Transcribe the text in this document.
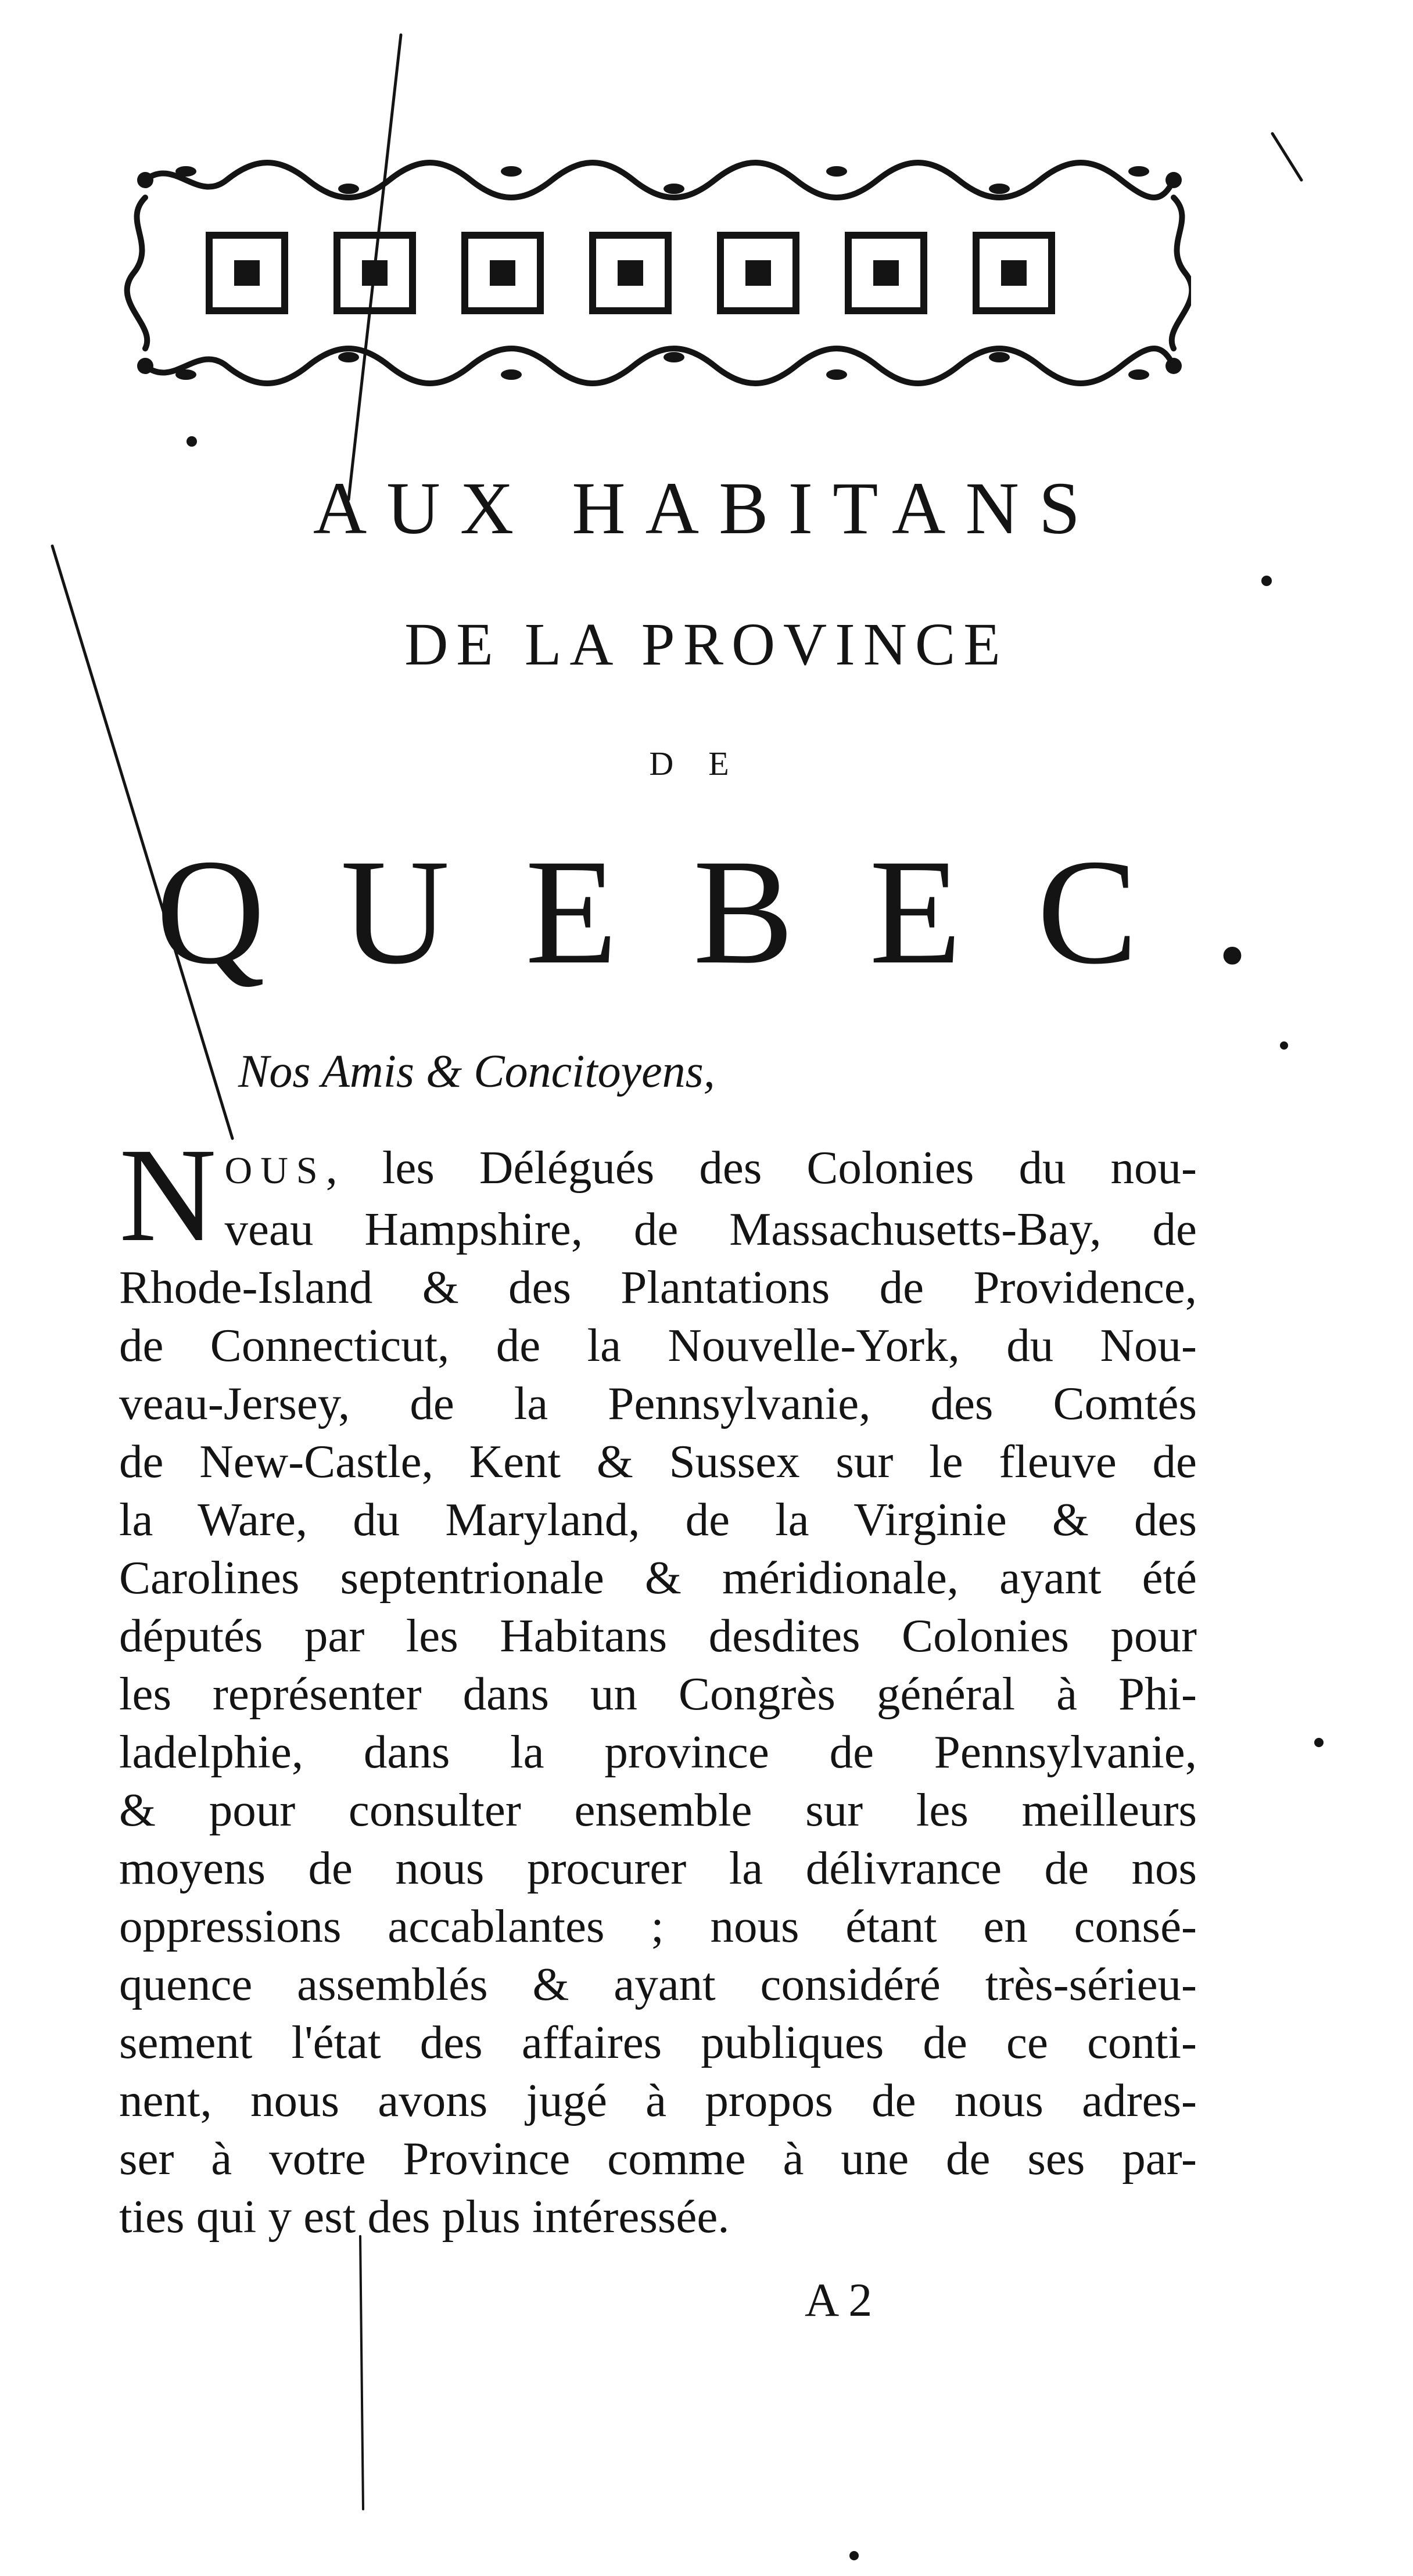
AUX HABITANS
DE LA PROVINCE
DE
QUEBEC.
Nos Amis & Concitoyens,
N OUS, les Délégués des Colonies du nou-
veau Hampshire, de Massachusetts-Bay, de
Rhode-Island & des Plantations de Providence,
de Connecticut, de la Nouvelle-York, du Nou-
veau-Jersey, de la Pennsylvanie, des Comtés
de New-Castle, Kent & Sussex sur le fleuve de
la Ware, du Maryland, de la Virginie & des
Carolines septentrionale & méridionale, ayant été
députés par les Habitans desdites Colonies pour
les représenter dans un Congrès général à Phi-
ladelphie, dans la province de Pennsylvanie,
& pour consulter ensemble sur les meilleurs
moyens de nous procurer la délivrance de nos
oppressions accablantes ; nous étant en consé-
quence assemblés & ayant considéré très-sérieu-
sement l'état des affaires publiques de ce conti-
nent, nous avons jugé à propos de nous adres-
ser à votre Province comme à une de ses par-
ties qui y est des plus intéressée.
A 2
